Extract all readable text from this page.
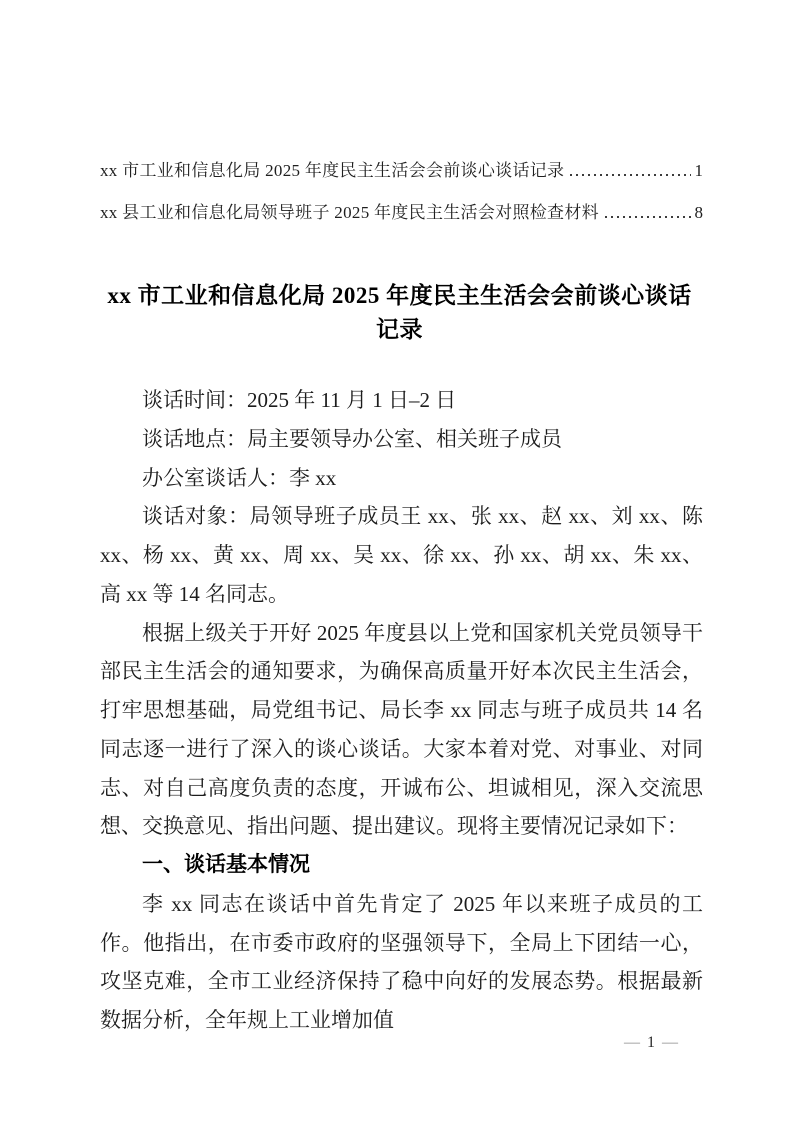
xx 市工业和信息化局 2025 年度民主生活会会前谈心谈话记录	1
xx 县工业和信息化局领导班子 2025 年度民主生活会对照检查材料	8
xx 市工业和信息化局 2025 年度民主生活会会前谈心谈话记录

谈话时间：2025 年 11 月 1 日–2 日

谈话地点：局主要领导办公室、相关班子成员

办公室谈话人：李 xx

谈话对象：局领导班子成员王 xx、张 xx、赵 xx、刘 xx、陈 xx、杨 xx、黄 xx、周 xx、吴 xx、徐 xx、孙 xx、胡 xx、朱 xx、高 xx 等 14 名同志。

根据上级关于开好 2025 年度县以上党和国家机关党员领导干部民主生活会的通知要求，为确保高质量开好本次民主生活会，打牢思想基础，局党组书记、局长李 xx 同志与班子成员共 14 名同志逐一进行了深入的谈心谈话。大家本着对党、对事业、对同志、对自己高度负责的态度，开诚布公、坦诚相见，深入交流思想、交换意见、指出问题、提出建议。现将主要情况记录如下：

一、谈话基本情况

李 xx 同志在谈话中首先肯定了 2025 年以来班子成员的工作。他指出，在市委市政府的坚强领导下，全局上下团结一心，攻坚克难，全市工业经济保持了稳中向好的发展态势。根据最新数据分析，全年规上工业增加值

— 1 —
